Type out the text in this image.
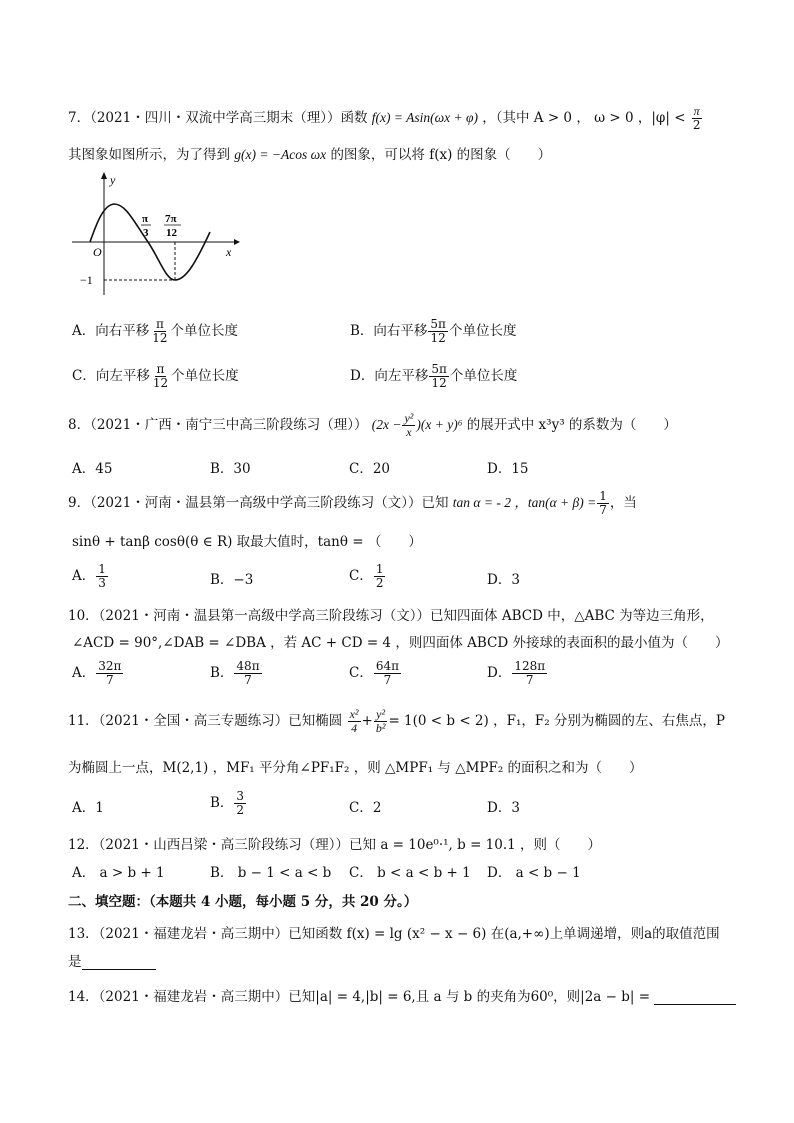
7．（2021・四川・双流中学高三期末（理））函数 f(x) = Asin(ωx + φ) ，（其中 A > 0 ， ω > 0 ，$|\varphi| < \frac{\pi}{2}$
其图象如图所示，为了得到 g(x) = −Acos ωx 的图象，可以将 f(x) 的图象（　　）
y
x
O
π
3
7π
12
−1
A．向右平移 $\frac{\pi}{12}$ 个单位长度	B．向右平移 $\frac{5\pi}{12}$ 个单位长度
C．向左平移 $\frac{\pi}{12}$ 个单位长度	D．向左平移 $\frac{5\pi}{12}$ 个单位长度
8．（2021・广西・南宁三中高三阶段练习（理）） $(2x - \frac{\text{y²}}{x} )(x + y)^6$ 的展开式中 x³y³ 的系数为（　　）
A．45	B．30	C．20	D．15
9．（2021・河南・温县第一高级中学高三阶段练习（文））已知 tan α = - 2 ，$\tan(\alpha + \beta) = \frac{1}{7}$ ，当
sinθ + tanβ cosθ(θ ∈ R) 取最大值时，tanθ = （　　）
A． $\frac{1}{3}$	B．−3	C． $\frac{1}{2}$	D．3
10．（2021・河南・温县第一高级中学高三阶段练习（文））已知四面体 ABCD 中，△ABC 为等边三角形，
∠ACD = 90°,∠DAB = ∠DBA ，若 AC + CD = 4 ，则四面体 ABCD 外接球的表面积的最小值为（　　）
A． $\frac{32\pi}{7}$	B． $\frac{48\pi}{7}$	C． $\frac{64\pi}{7}$	D． $\frac{128\pi}{7}$
11．（2021・全国・高三专题练习）已知椭圆 $\frac{\text{x²}}{4} + \frac{\text{y²}}{\text{b²}} = 1(0 < b < 2)$ ，F₁，F₂ 分别为椭圆的左、右焦点，P
为椭圆上一点，M(2,1) ，MF₁ 平分角∠PF₁F₂ ，则 △MPF₁ 与 △MPF₂ 的面积之和为（　　）
A．1	B． $\frac{3}{2}$	C．2	D．3
12．（2021・山西吕梁・高三阶段练习（理））已知 a = 10e⁰·¹, b = 10.1 ，则（　　）
A． a > b + 1	B． b − 1 < a < b C． b < a < b + 1 D． a < b − 1
二、填空题：（本题共 4 小题，每小题 5 分，共 20 分。）
13．（2021・福建龙岩・高三期中）已知函数 f(x) = lg (x² − x − 6) 在(a,+∞)上单调递增，则a的取值范围
是
14．（2021・福建龙岩・高三期中）已知|a| = 4,|b| = 6,且 a 与 b 的夹角为60⁰，则|2a − b| =
